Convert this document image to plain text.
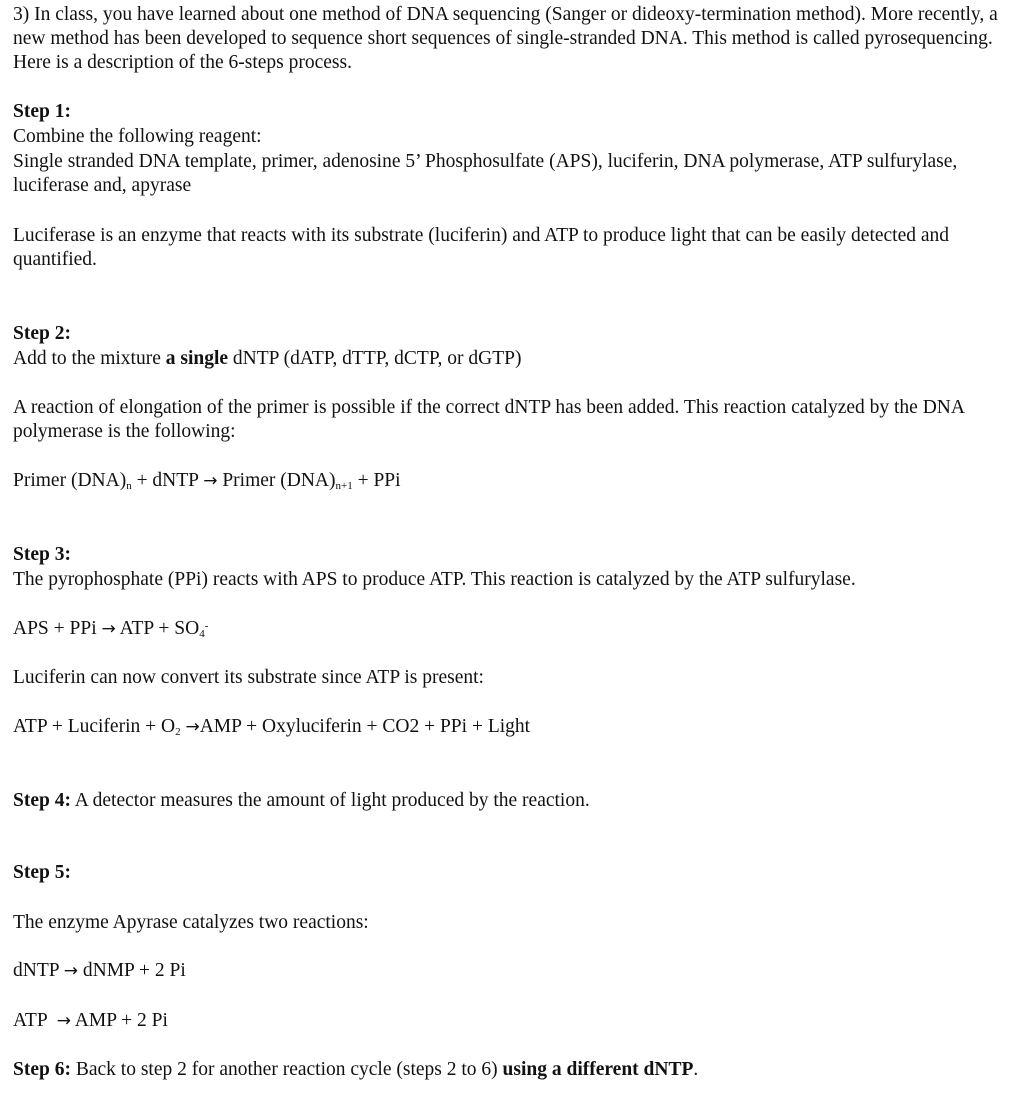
3) In class, you have learned about one method of DNA sequencing (Sanger or dideoxy-termination method). More recently, a new method has been developed to sequence short sequences of single-stranded DNA. This method is called pyrosequencing. Here is a description of the 6-steps process.

Step 1:

Combine the following reagent:

Single stranded DNA template, primer, adenosine 5’ Phosphosulfate (APS), luciferin, DNA polymerase, ATP sulfurylase, luciferase and, apyrase

Luciferase is an enzyme that reacts with its substrate (luciferin) and ATP to produce light that can be easily detected and quantified.

Step 2:

Add to the mixture a single dNTP (dATP, dTTP, dCTP, or dGTP)

A reaction of elongation of the primer is possible if the correct dNTP has been added. This reaction catalyzed by the DNA polymerase is the following:

Primer $(DNA)_n$ + dNTP → Primer $(DNA)_{n+1}$ + PPi

Step 3:

The pyrophosphate (PPi) reacts with APS to produce ATP. This reaction is catalyzed by the ATP sulfurylase.

APS + PPi → ATP + $SO_4^-$

Luciferin can now convert its substrate since ATP is present:

ATP + Luciferin + $O_2 \to AMP$ + Oxyluciferin + CO2 + PPi + Light

Step 4: A detector measures the amount of light produced by the reaction.

Step 5:

The enzyme Apyrase catalyzes two reactions:

dNTP → dNMP + 2 Pi

ATP  → AMP + 2 Pi

Step 6: Back to step 2 for another reaction cycle (steps 2 to 6) using a different dNTP.
